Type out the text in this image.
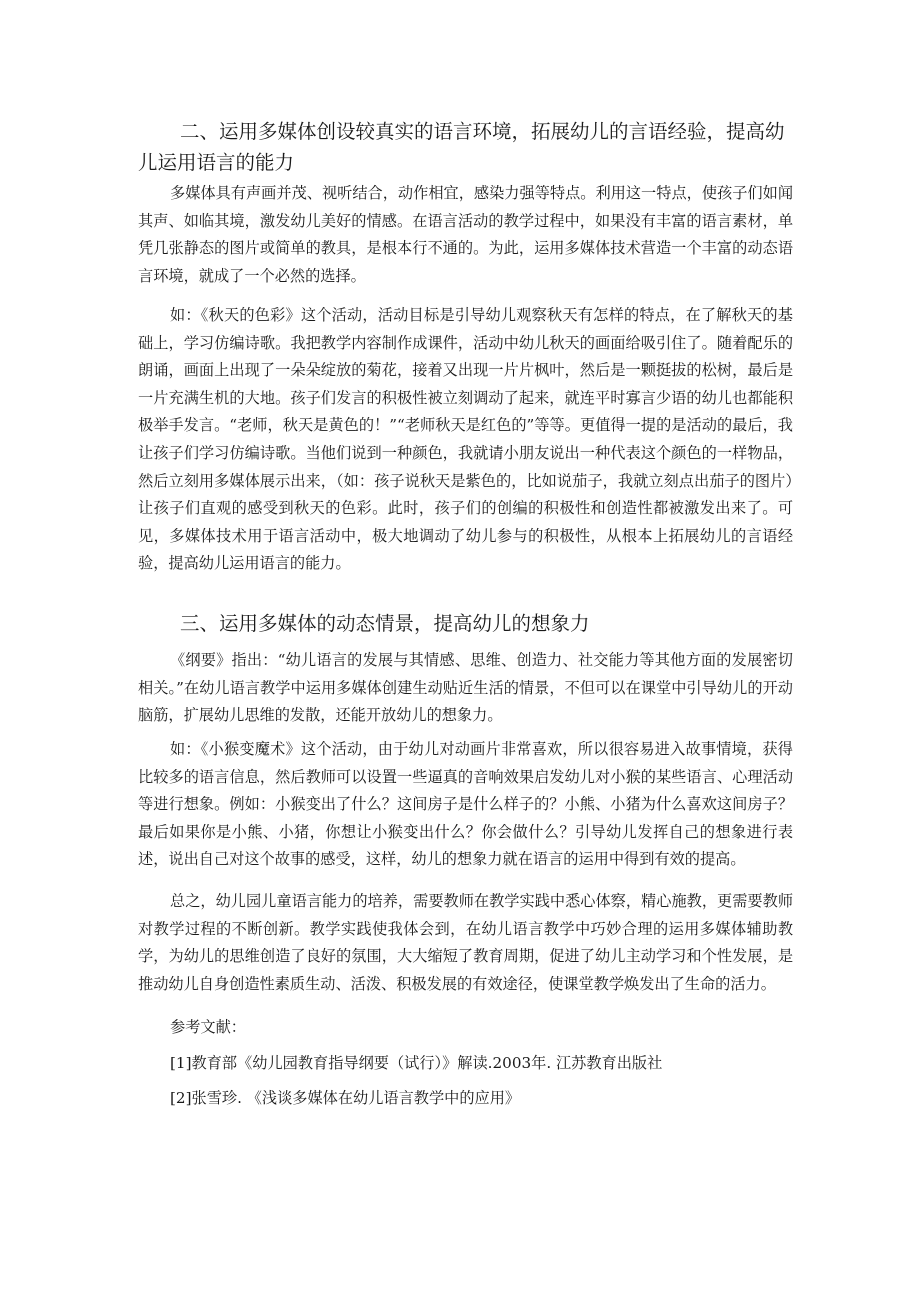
二、运用多媒体创设较真实的语言环境，拓展幼儿的言语经验，提高幼儿运用语言的能力

多媒体具有声画并茂、视听结合，动作相宜，感染力强等特点。利用这一特点，使孩子们如闻其声、如临其境，激发幼儿美好的情感。在语言活动的教学过程中，如果没有丰富的语言素材，单凭几张静态的图片或简单的教具，是根本行不通的。为此，运用多媒体技术营造一个丰富的动态语言环境，就成了一个必然的选择。

如：《秋天的色彩》这个活动，活动目标是引导幼儿观察秋天有怎样的特点，在了解秋天的基础上，学习仿编诗歌。我把教学内容制作成课件，活动中幼儿秋天的画面给吸引住了。随着配乐的朗诵，画面上出现了一朵朵绽放的菊花，接着又出现一片片枫叶，然后是一颗挺拔的松树，最后是一片充满生机的大地。孩子们发言的积极性被立刻调动了起来，就连平时寡言少语的幼儿也都能积极举手发言。“老师，秋天是黄色的！”“老师秋天是红色的”等等。更值得一提的是活动的最后，我让孩子们学习仿编诗歌。当他们说到一种颜色，我就请小朋友说出一种代表这个颜色的一样物品，然后立刻用多媒体展示出来，（如：孩子说秋天是紫色的，比如说茄子，我就立刻点出茄子的图片）让孩子们直观的感受到秋天的色彩。此时，孩子们的创编的积极性和创造性都被激发出来了。可见，多媒体技术用于语言活动中，极大地调动了幼儿参与的积极性，从根本上拓展幼儿的言语经验，提高幼儿运用语言的能力。

三、运用多媒体的动态情景，提高幼儿的想象力

《纲要》指出：“幼儿语言的发展与其情感、思维、创造力、社交能力等其他方面的发展密切相关。”在幼儿语言教学中运用多媒体创建生动贴近生活的情景，不但可以在课堂中引导幼儿的开动脑筋，扩展幼儿思维的发散，还能开放幼儿的想象力。

如：《小猴变魔术》这个活动，由于幼儿对动画片非常喜欢，所以很容易进入故事情境，获得比较多的语言信息，然后教师可以设置一些逼真的音响效果启发幼儿对小猴的某些语言、心理活动等进行想象。例如：小猴变出了什么？这间房子是什么样子的？小熊、小猪为什么喜欢这间房子？最后如果你是小熊、小猪，你想让小猴变出什么？你会做什么？引导幼儿发挥自己的想象进行表述，说出自己对这个故事的感受，这样，幼儿的想象力就在语言的运用中得到有效的提高。

总之，幼儿园儿童语言能力的培养，需要教师在教学实践中悉心体察，精心施教，更需要教师对教学过程的不断创新。教学实践使我体会到，在幼儿语言教学中巧妙合理的运用多媒体辅助教学，为幼儿的思维创造了良好的氛围，大大缩短了教育周期，促进了幼儿主动学习和个性发展，是推动幼儿自身创造性素质生动、活泼、积极发展的有效途径，使课堂教学焕发出了生命的活力。

参考文献：

[1]教育部《幼儿园教育指导纲要（试行）》解读.2003年. 江苏教育出版社

[2]张雪珍. 《浅谈多媒体在幼儿语言教学中的应用》
